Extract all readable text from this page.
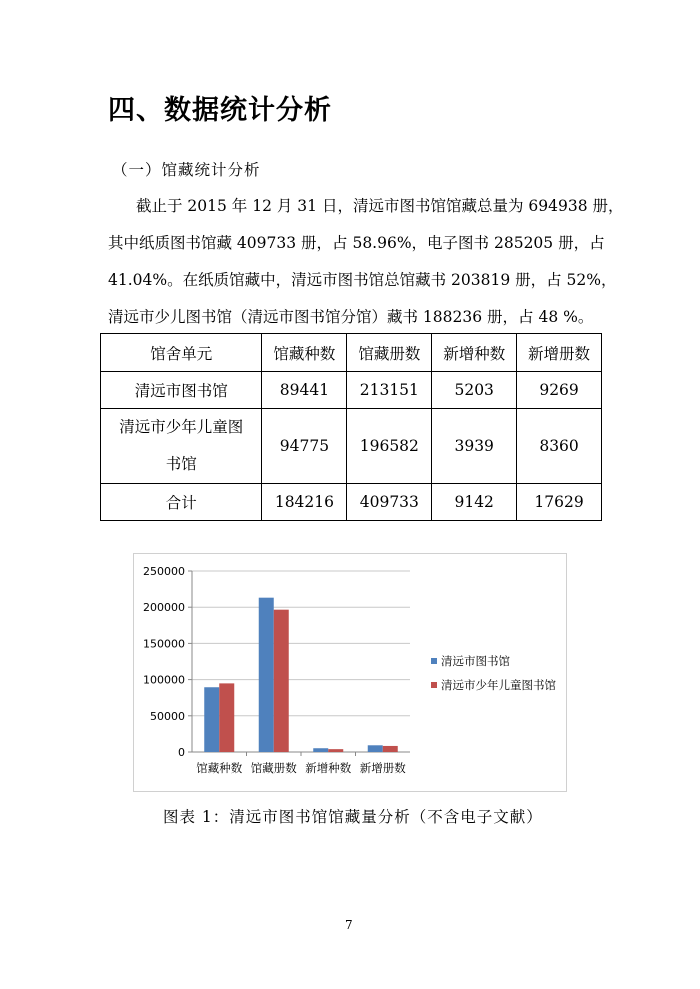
四、数据统计分析
（一）馆藏统计分析
截止于 2015 年 12 月 31 日，清远市图书馆馆藏总量为 694938 册，
其中纸质图书馆藏 409733 册，占 58.96%，电子图书 285205 册，占
41.04%。在纸质馆藏中，清远市图书馆总馆藏书 203819 册，占 52%，
清远市少儿图书馆（清远市图书馆分馆）藏书 188236 册，占 48 %。
馆舍单元	馆藏种数	馆藏册数	新增种数	新增册数
清远市图书馆	89441	213151	5203	9269

清远市少年儿童图
书馆	94775	196582	3939	8360
合计	184216	409733	9142	17629
250000
200000
150000
100000
50000
0
馆藏种数 馆藏册数 新增种数 新增册数
清远市图书馆
清远市少年儿童图书馆
图表 1：清远市图书馆馆藏量分析（不含电子文献）
7
